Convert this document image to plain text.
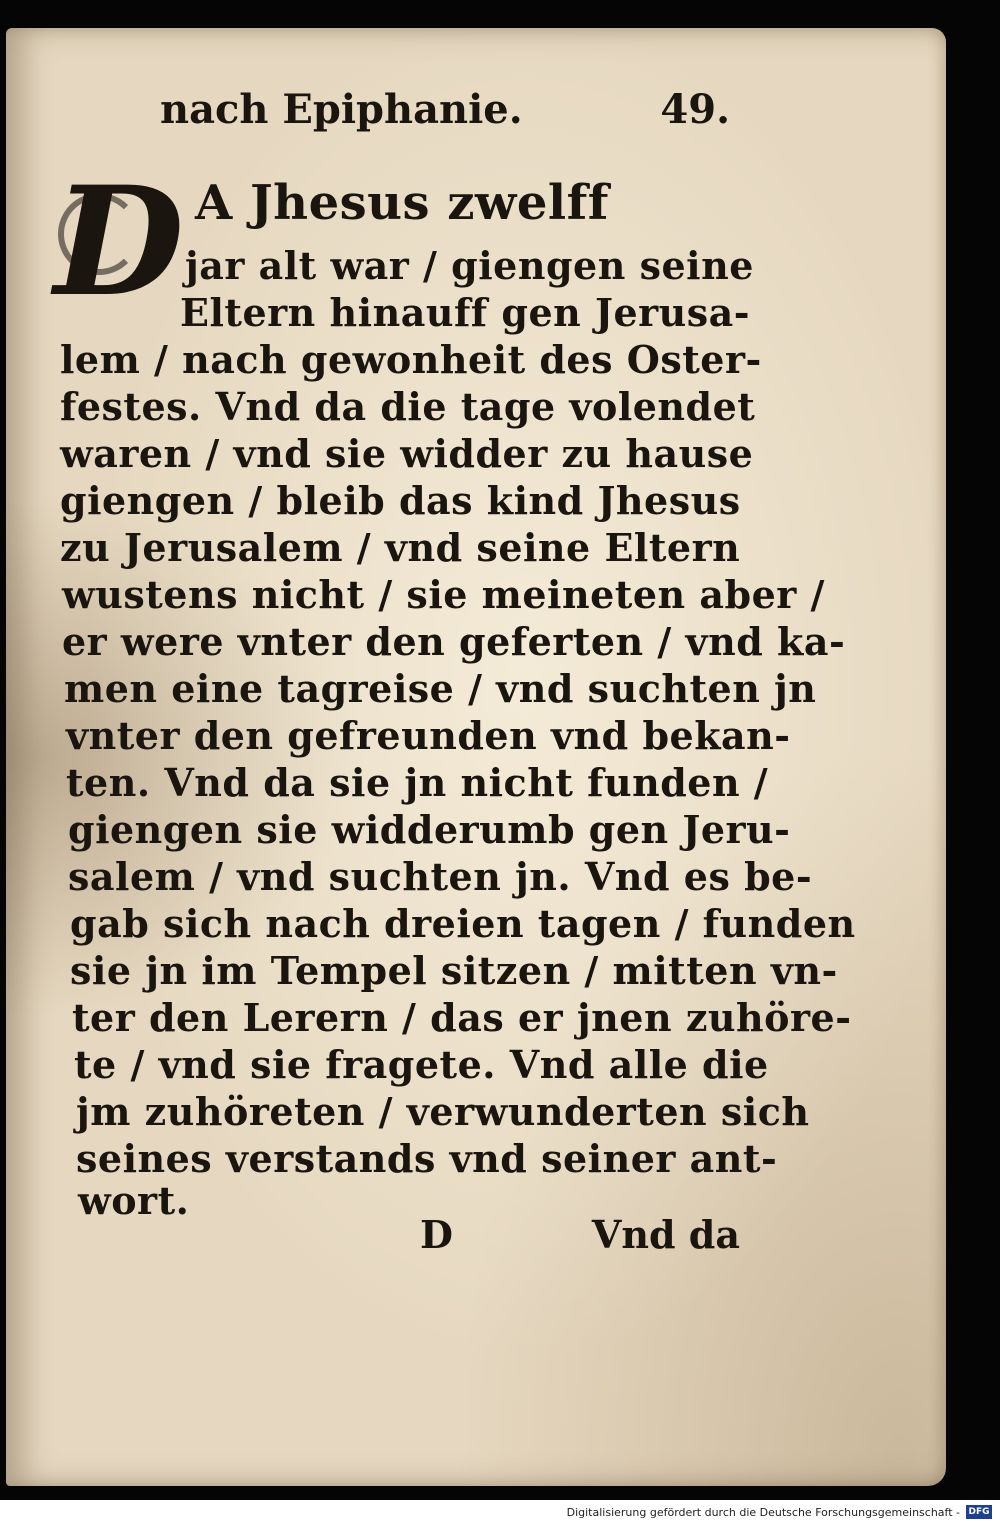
nach Epiphanie.	49.
D A Jhesus zwelff
jar alt war / giengen seine
Eltern hinauff gen Jerusa-
lem / nach gewonheit des Oster-
festes. Vnd da die tage volendet
waren / vnd sie widder zu hause
giengen / bleib das kind Jhesus
zu Jerusalem / vnd seine Eltern
wustens nicht / sie meineten aber /
er were vnter den geferten / vnd ka-
men eine tagreise / vnd suchten jn
vnter den gefreunden vnd bekan-
ten. Vnd da sie jn nicht funden /
giengen sie widderumb gen Jeru-
salem / vnd suchten jn. Vnd es be-
gab sich nach dreien tagen / funden
sie jn im Tempel sitzen / mitten vn-
ter den Lerern / das er jnen zuhöre-
te / vnd sie fragete. Vnd alle die
jm zuhöreten / verwunderten sich
seines verstands vnd seiner ant-
wort.
D	Vnd da
Digitalisierung gefördert durch die Deutsche Forschungsgemeinschaft - DFG
